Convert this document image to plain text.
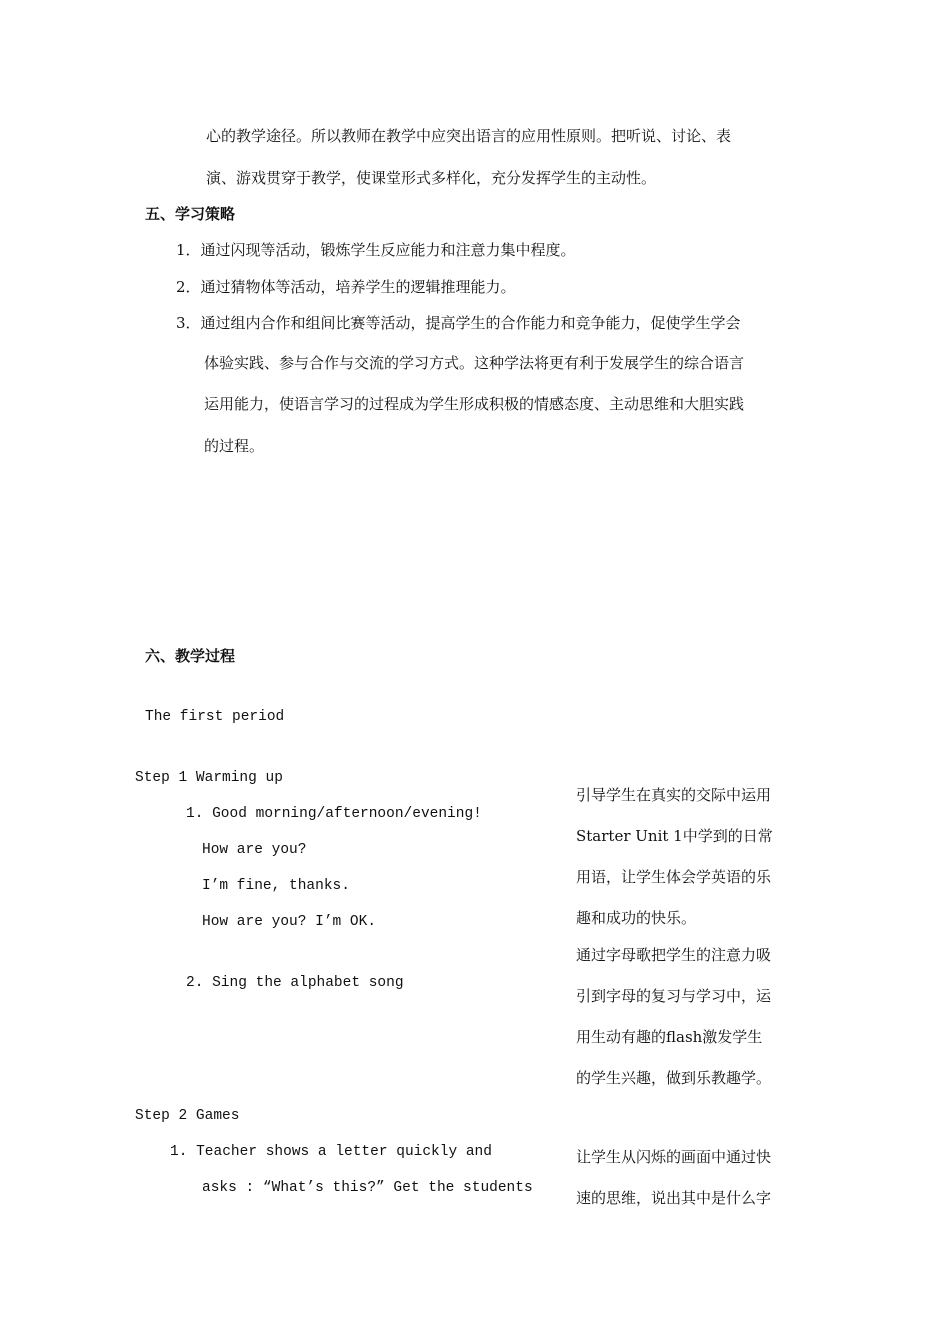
心的教学途径。所以教师在教学中应突出语言的应用性原则。把听说、讨论、表
演、游戏贯穿于教学，使课堂形式多样化，充分发挥学生的主动性。
五、学习策略
1．通过闪现等活动，锻炼学生反应能力和注意力集中程度。
2．通过猜物体等活动，培养学生的逻辑推理能力。
3．通过组内合作和组间比赛等活动，提高学生的合作能力和竞争能力，促使学生学会
体验实践、参与合作与交流的学习方式。这种学法将更有利于发展学生的综合语言
运用能力，使语言学习的过程成为学生形成积极的情感态度、主动思维和大胆实践
的过程。
六、教学过程
The first period
Step 1 Warming up
1. Good morning/afternoon/evening!
How are you?
I’m fine, thanks.
How are you? I’m OK.
2. Sing the alphabet song
引导学生在真实的交际中运用
Starter Unit 1中学到的日常
用语，让学生体会学英语的乐
趣和成功的快乐。
通过字母歌把学生的注意力吸
引到字母的复习与学习中，运
用生动有趣的flash激发学生
的学生兴趣，做到乐教趣学。
Step 2 Games
1. Teacher shows a letter quickly and
asks : “What’s this?” Get the students
让学生从闪烁的画面中通过快
速的思维，说出其中是什么字
